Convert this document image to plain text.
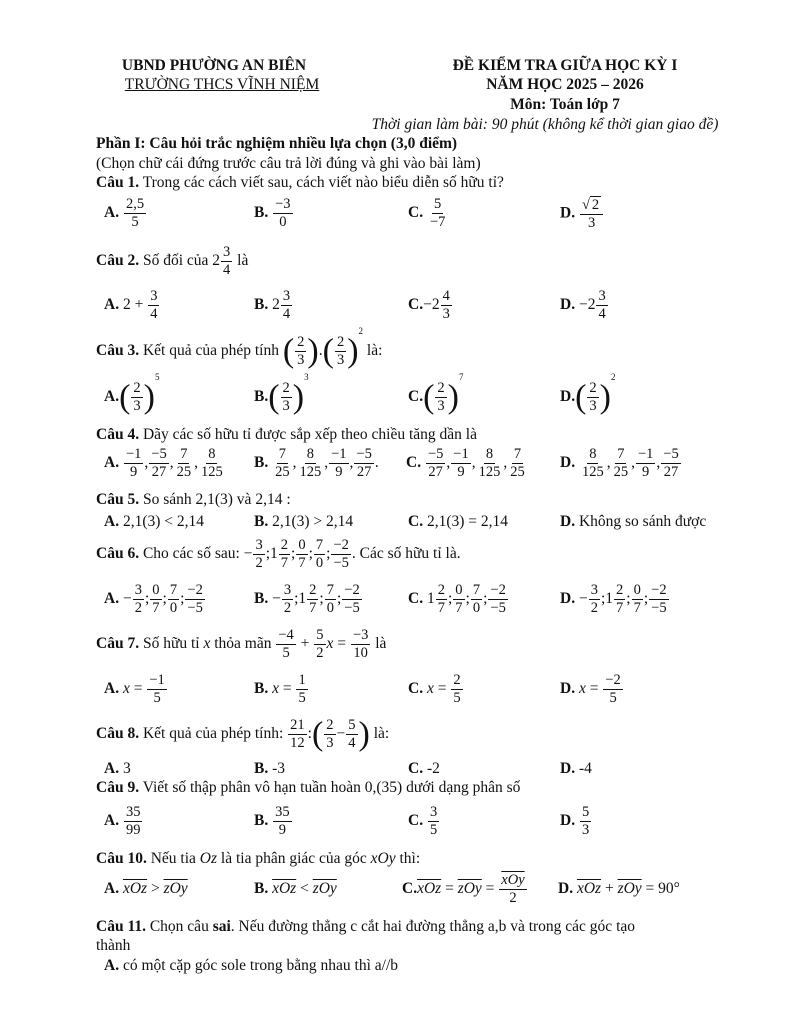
UBND PHƯỜNG AN BIÊN
TRƯỜNG THCS VĨNH NIỆM
ĐỀ KIỂM TRA GIỮA HỌC KỲ I
NĂM HỌC 2025 – 2026
Môn: Toán lớp 7
Thời gian làm bài: 90 phút (không kể thời gian giao đề)
Phần I: Câu hỏi trắc nghiệm nhiều lựa chọn (3,0 điểm)
(Chọn chữ cái đứng trước câu trả lời đúng và ghi vào bài làm)
Câu 1. Trong các cách viết sau, cách viết nào biểu diễn số hữu tỉ?
A. $\frac{2,5}{5}$	B. $\frac{-3}{0}$	C. $\frac{5}{-7}$	D. $\frac{√ 2}{3}$
Câu 2. Số đối của $2 \frac{3}{4}$ là
A. $2 + \frac{3}{4}$	B. $2 \frac{3}{4}$	$C.-2 \frac{4}{3}$	D. $-2 \frac{3}{4}$
Câu 3. Kết quả của phép tính ( $\frac{2}{3}$ ).( $\frac{2}{3} )^2$ là:
$A.( \frac{2}{3} )^5$
$B.( \frac{2}{3} )^3$
$C.( \frac{2}{3} )^7$
$D.( \frac{2}{3} )^2$
Câu 4. Dãy các số hữu tỉ được sắp xếp theo chiều tăng dần là
A. $\frac{-1}{9}$ , $\frac{-5}{27}$ , $\frac{7}{25}$ , $\frac{8}{125} B$. $\frac{7}{25}$ , $\frac{8}{125}$ , $\frac{-1}{9}$ , $\frac{-5}{27}$ . C. $\frac{-5}{27}$ , $\frac{-1}{9}$ , $\frac{8}{125}$ , $\frac{7}{25} D$. $\frac{8}{125}$ , $\frac{7}{25}$ , $\frac{-1}{9}$ , $\frac{-5}{27}$
Câu 5. So sánh 2,1(3) và 2,14 :
A. 2,1(3) < 2,14	B. 2,1(3) > 2,14	C. 2,1(3) = 2,14	D. Không so sánh được
Câu 6. Cho các số sau: − $\frac{3}{2}$ ;1 $\frac{2}{7}$ ; $\frac{0}{7}$ ; $\frac{7}{0}$ ; $\frac{-2}{-5}$ . Các số hữu tỉ là.
A. − $\frac{3}{2}$ ; $\frac{0}{7}$ ; $\frac{7}{0}$ ; $\frac{-2}{-5}$	B. − $\frac{3}{2}$ ;1 $\frac{2}{7}$ ; $\frac{7}{0}$ ; $\frac{-2}{-5}$	C. $1 \frac{2}{7}$ ; $\frac{0}{7}$ ; $\frac{7}{0}$ ; $\frac{-2}{-5}$	D. − $\frac{3}{2}$ ;1 $\frac{2}{7}$ ; $\frac{0}{7}$ ; $\frac{-2}{-5}$
Câu 7. Số hữu tỉ x thỏa mãn $\frac{-4}{5} + \frac{5}{2}$ $x = \frac{-3}{10}$ là
A. $x = \frac{-1}{5}$	B. $x = \frac{1}{5}$	C. $x = \frac{2}{5}$	D. $x = \frac{-2}{5}$
Câu 8. Kết quả của phép tính: $\frac{21}{12}$ :( $\frac{2}{3} - \frac{5}{4}$ ) là:
A. 3	B. -3	C. -2	D. -4
Câu 9. Viết số thập phân vô hạn tuần hoàn 0,(35) dưới dạng phân số
A. $\frac{35}{99}$	B. $\frac{35}{9}$	C. $\frac{3}{5}$	D. $\frac{5}{3}$
Câu 10. Nếu tia Oz là tia phân giác của góc xOy thì:
A. $\overline{xOz} > \overline{zOy}$	B. $\overline{xOz} < \overline{zOy}$	$C.\overline{xOz} = \overline{zOy} = \frac{\overline{xOy}}{2} D$. $\overline{xOz} + \overline{zOy} = 90^\circ$
Câu 11. Chọn câu sai. Nếu đường thẳng c cắt hai đường thẳng a,b và trong các góc tạo
thành
A. có một cặp góc sole trong bằng nhau thì a//b
